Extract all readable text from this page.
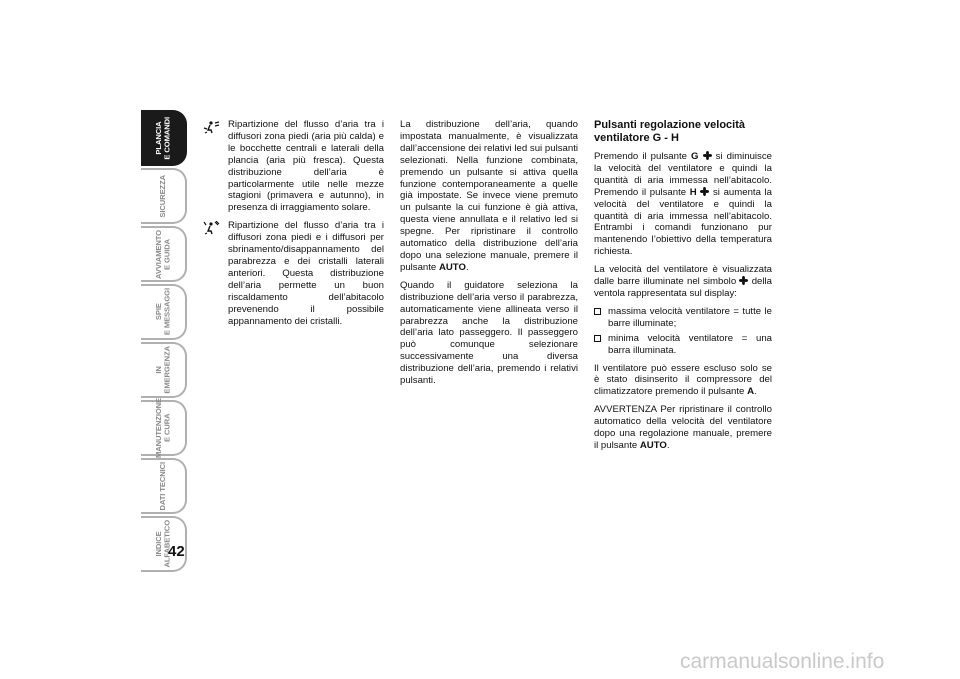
PLANCIA
E COMANDI
SICUREZZA
AVVIAMENTO
E GUIDA
SPIE
E MESSAGGI
IN
EMERGENZA
MANUTENZIONE
E CURA
DATI TECNICI
INDICE
ALFABETICO
42

Ripartizione del flusso d’aria tra i diffusori zona piedi (aria più calda) e le bocchette centrali e laterali della plancia (aria più fresca). Questa distribuzione dell’aria è particolarmente utile nelle mezze stagioni (primavera e autunno), in presenza di irraggiamento solare.

Ripartizione del flusso d’aria tra i diffusori zona piedi e i diffusori per sbrinamento/disappannamento del parabrezza e dei cristalli laterali anteriori. Questa distribuzione dell’aria permette un buon riscaldamento dell’abitacolo prevenendo il possibile appannamento dei cristalli.

La distribuzione dell’aria, quando impostata manualmente, è visualizzata dall’accensione dei relativi led sui pulsanti selezionati. Nella funzione combinata, premendo un pulsante si attiva quella funzione contemporaneamente a quelle già impostate. Se invece viene premuto un pulsante la cui funzione è già attiva, questa viene annullata e il relativo led si spegne. Per ripristinare il controllo automatico della distribuzione dell’aria dopo una selezione manuale, premere il pulsante AUTO.

Quando il guidatore seleziona la distribuzione dell’aria verso il parabrezza, automaticamente viene allineata verso il parabrezza anche la distribuzione dell’aria lato passeggero. Il passeggero può comunque selezionare successivamente una diversa distribuzione dell’aria, premendo i relativi pulsanti.

Pulsanti regolazione velocità ventilatore G - H

Premendo il pulsante G si diminuisce la velocità del ventilatore e quindi la quantità di aria immessa nell’abitacolo. Premendo il pulsante H si aumenta la velocità del ventilatore e quindi la quantità di aria immessa nell’abitacolo. Entrambi i comandi funzionano pur mantenendo l’obiettivo della temperatura richiesta.

La velocità del ventilatore è visualizzata dalle barre illuminate nel simbolo della ventola rappresentata sul display:

massima velocità ventilatore = tutte le barre illuminate;
minima velocità ventilatore = una barra illuminata.

Il ventilatore può essere escluso solo se è stato disinserito il compressore del climatizzatore premendo il pulsante A.

AVVERTENZA Per ripristinare il controllo automatico della velocità del ventilatore dopo una regolazione manuale, premere il pulsante AUTO.

carmanualsonline.info
